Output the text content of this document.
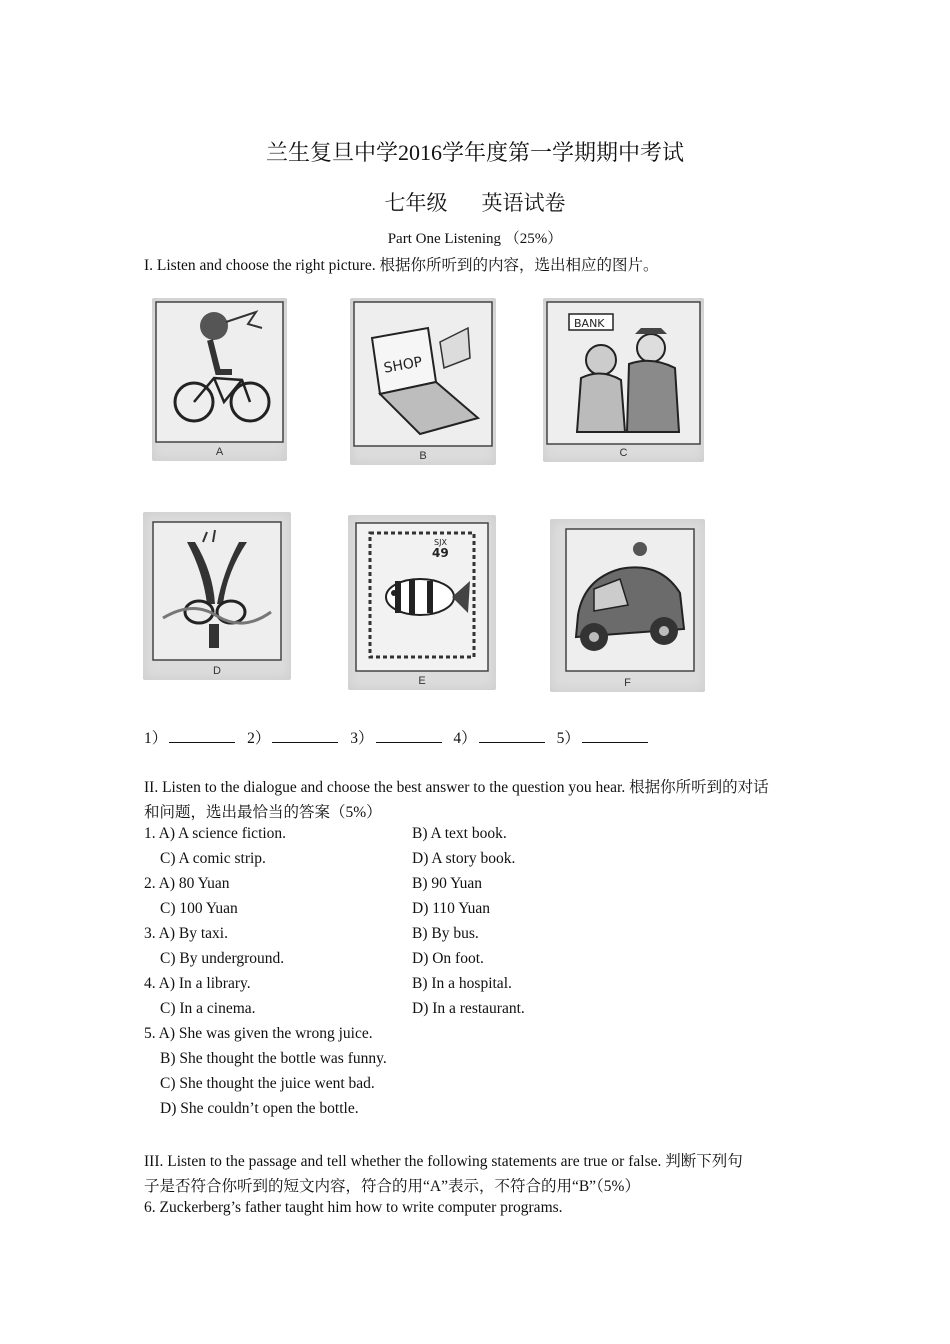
兰生复旦中学2016学年度第一学期期中考试
七年级 英语试卷
Part One Listening （25%）
I. Listen and choose the right picture. 根据你所听到的内容，选出相应的图片。
A
SHOP
B
BANK
C
D
SJX
49
E	F
1）	2）	3）	4）	5）
II. Listen to the dialogue and choose the best answer to the question you hear. 根据你所听到的对话
和问题，选出最恰当的答案（5%）
1. A) A science fiction.	B) A text book.
C) A comic strip.	D) A story book.
2. A) 80 Yuan	B) 90 Yuan
C) 100 Yuan	D) 110 Yuan
3. A) By taxi.	B) By bus.
C) By underground.	D) On foot.
4. A) In a library.	B) In a hospital.
C) In a cinema.	D) In a restaurant.
5. A) She was given the wrong juice.
B) She thought the bottle was funny.
C) She thought the juice went bad.
D) She couldn’t open the bottle.
III. Listen to the passage and tell whether the following statements are true or false. 判断下列句
子是否符合你听到的短文内容，符合的用“A”表示，不符合的用“B”（5%）
6. Zuckerberg’s father taught him how to write computer programs.
